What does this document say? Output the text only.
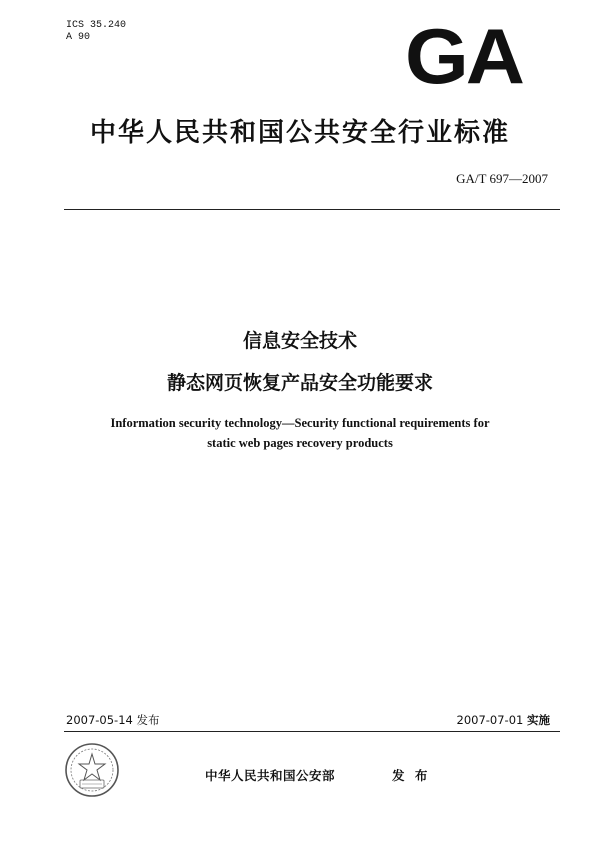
ICS 35.240
A 90	GA
中华人民共和国公共安全行业标准
GA/T 697—2007
信息安全技术
静态网页恢复产品安全功能要求
Information security technology—Security functional requirements for
static web pages recovery products
2007-05-14 发布	2007-07-01 实施
中华人民共和国公安部	发 布
